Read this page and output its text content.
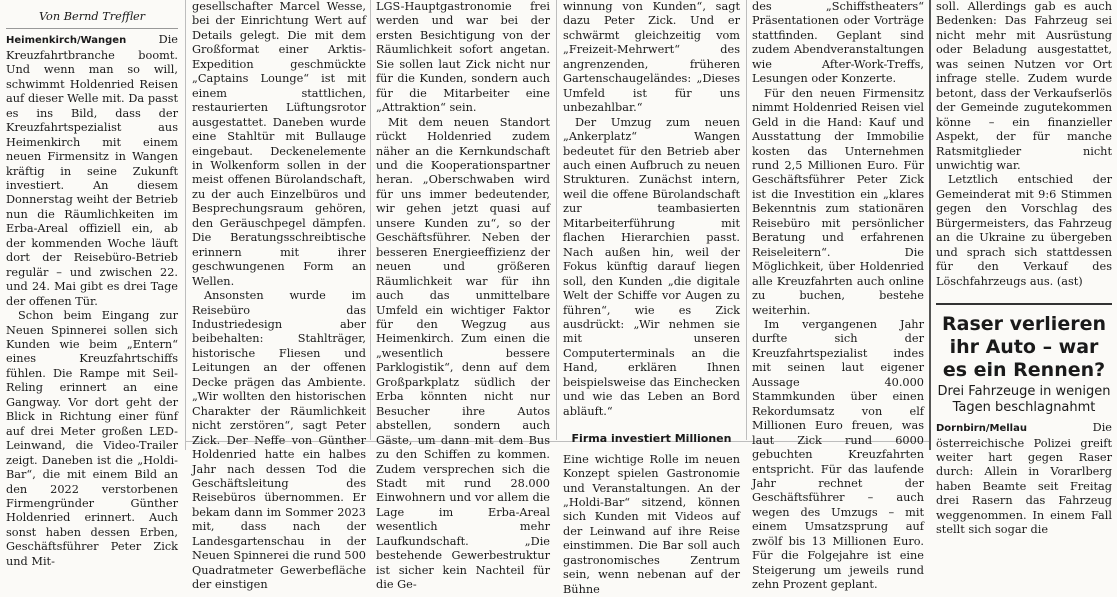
Von Bernd Treffler

Heimenkirch/Wangen	Die Kreuzfahrtbranche boomt. Und wenn man so will, schwimmt Holdenried Reisen auf dieser Welle mit. Da passt es ins Bild, dass der Kreuzfahrtspezialist aus Heimenkirch mit einem neuen Firmensitz in Wangen kräftig in seine Zukunft investiert. An diesem Donnerstag weiht der Betrieb nun die Räumlichkeiten im Erba-Areal offiziell ein, ab der kommenden Woche läuft dort der Reisebüro-Betrieb regulär – und zwischen 22. und 24. Mai gibt es drei Tage der offenen Tür.

Schon beim Eingang zur Neuen Spinnerei sollen sich Kunden wie beim „Entern“ eines Kreuzfahrtschiffs fühlen. Die Rampe mit Seil-Reling erinnert an eine Gangway. Vor dort geht der Blick in Richtung einer fünf auf drei Meter großen LED-Leinwand, die Video-Trailer zeigt. Daneben ist die „Holdi-Bar“, die mit einem Bild an den 2022 verstorbenen Firmengründer Günther Holdenried erinnert. Auch sonst haben dessen Erben, Geschäftsführer Peter Zick und Mit-

gesellschafter Marcel Wesse, bei der Einrichtung Wert auf Details gelegt. Die mit dem Großformat einer Arktis-Expedition geschmückte „Captains Lounge“ ist mit einem stattlichen, restaurierten Lüftungsrotor ausgestattet. Daneben wurde eine Stahltür mit Bullauge eingebaut. Deckenelemente in Wolkenform sollen in der meist offenen Bürolandschaft, zu der auch Einzelbüros und Besprechungsraum gehören, den Geräuschpegel dämpfen. Die Beratungsschreibtische erinnern mit ihrer geschwungenen Form an Wellen.

Ansonsten wurde im Reisebüro das Industriedesign aber beibehalten: Stahlträger, historische Fliesen und Leitungen an der offenen Decke prägen das Ambiente. „Wir wollten den historischen Charakter der Räumlichkeit nicht zerstören“, sagt Peter Zick. Der Neffe von Günther Holdenried hatte ein halbes Jahr nach dessen Tod die Geschäftsleitung des Reisebüros übernommen. Er bekam dann im Sommer 2023 mit, dass nach der Landesgartenschau in der Neuen Spinnerei die rund 500 Quadratmeter Gewerbefläche der einstigen

LGS-Hauptgastronomie frei werden und war bei der ersten Besichtigung von der Räumlichkeit sofort angetan. Sie sollen laut Zick nicht nur für die Kunden, sondern auch für die Mitarbeiter eine „Attraktion“ sein.

Mit dem neuen Standort rückt Holdenried zudem näher an die Kernkundschaft und die Kooperationspartner heran. „Oberschwaben wird für uns immer bedeutender, wir gehen jetzt quasi auf unsere Kunden zu“, so der Geschäftsführer. Neben der besseren Energieeffizienz der neuen und größeren Räumlichkeit war für ihn auch das unmittelbare Umfeld ein wichtiger Faktor für den Wegzug aus Heimenkirch. Zum einen die „wesentlich bessere Parklogistik“, denn auf dem Großparkplatz südlich der Erba könnten nicht nur Besucher ihre Autos abstellen, sondern auch Gäste, um dann mit dem Bus zu den Schiffen zu kommen. Zudem versprechen sich die Stadt mit rund 28.000 Einwohnern und vor allem die Lage im Erba-Areal wesentlich mehr Laufkundschaft. „Die bestehende Gewerbestruktur ist sicher kein Nachteil für die Ge-

winnung von Kunden“, sagt dazu Peter Zick. Und er schwärmt gleichzeitig vom „Freizeit-Mehrwert“ des angrenzenden, früheren Gartenschaugeländes: „Dieses Umfeld ist für uns unbezahlbar.“

Der Umzug zum neuen „Ankerplatz“ Wangen bedeutet für den Betrieb aber auch einen Aufbruch zu neuen Strukturen. Zunächst intern, weil die offene Bürolandschaft zur teambasierten Mitarbeiterführung mit flachen Hierarchien passt. Nach außen hin, weil der Fokus künftig darauf liegen soll, den Kunden „die digitale Welt der Schiffe vor Augen zu führen“, wie es Zick ausdrückt: „Wir nehmen sie mit unseren Computerterminals an die Hand, erklären Ihnen beispielsweise das Einchecken und wie das Leben an Bord abläuft.“

Firma investiert Millionen

Eine wichtige Rolle im neuen Konzept spielen Gastronomie und Veranstaltungen. An der „Holdi-Bar“ sitzend, können sich Kunden mit Videos auf der Leinwand auf ihre Reise einstimmen. Die Bar soll auch gastronomisches Zentrum sein, wenn nebenan auf der Bühne

des „Schiffstheaters“ Präsentationen oder Vorträge stattfinden. Geplant sind zudem Abendveranstaltungen wie After-Work-Treffs, Lesungen oder Konzerte.

Für den neuen Firmensitz nimmt Holdenried Reisen viel Geld in die Hand: Kauf und Ausstattung der Immobilie kosten das Unternehmen rund 2,5 Millionen Euro. Für Geschäftsführer Peter Zick ist die Investition ein „klares Bekenntnis zum stationären Reisebüro mit persönlicher Beratung und erfahrenen Reiseleitern“. Die Möglichkeit, über Holdenried alle Kreuzfahrten auch online zu buchen, bestehe weiterhin.

Im vergangenen Jahr durfte sich der Kreuzfahrtspezialist indes mit seinen laut eigener Aussage 40.000 Stammkunden über einen Rekordumsatz von elf Millionen Euro freuen, was laut Zick rund 6000 gebuchten Kreuzfahrten entspricht. Für das laufende Jahr rechnet der Geschäftsführer – auch wegen des Umzugs – mit einem Umsatzsprung auf zwölf bis 13 Millionen Euro. Für die Folgejahre ist eine Steigerung um jeweils rund zehn Prozent geplant.

soll. Allerdings gab es auch Bedenken: Das Fahrzeug sei nicht mehr mit Ausrüstung oder Beladung ausgestattet, was seinen Nutzen vor Ort infrage stelle. Zudem wurde betont, dass der Verkaufserlös der Gemeinde zugutekommen könne – ein finanzieller Aspekt, der für manche Ratsmitglieder nicht unwichtig war.

Letztlich entschied der Gemeinderat mit 9:6 Stimmen gegen den Vorschlag des Bürgermeisters, das Fahrzeug an die Ukraine zu übergeben und sprach sich stattdessen für den Verkauf des Löschfahrzeugs aus. (ast)

Raser verlieren ihr Auto – war es ein Rennen?
Drei Fahrzeuge in wenigen Tagen beschlagnahmt

Dornbirn/Mellau	Die österreichische Polizei greift weiter hart gegen Raser durch: Allein in Vorarlberg haben Beamte seit Freitag drei Rasern das Fahrzeug weggenommen. In einem Fall stellt sich sogar die
